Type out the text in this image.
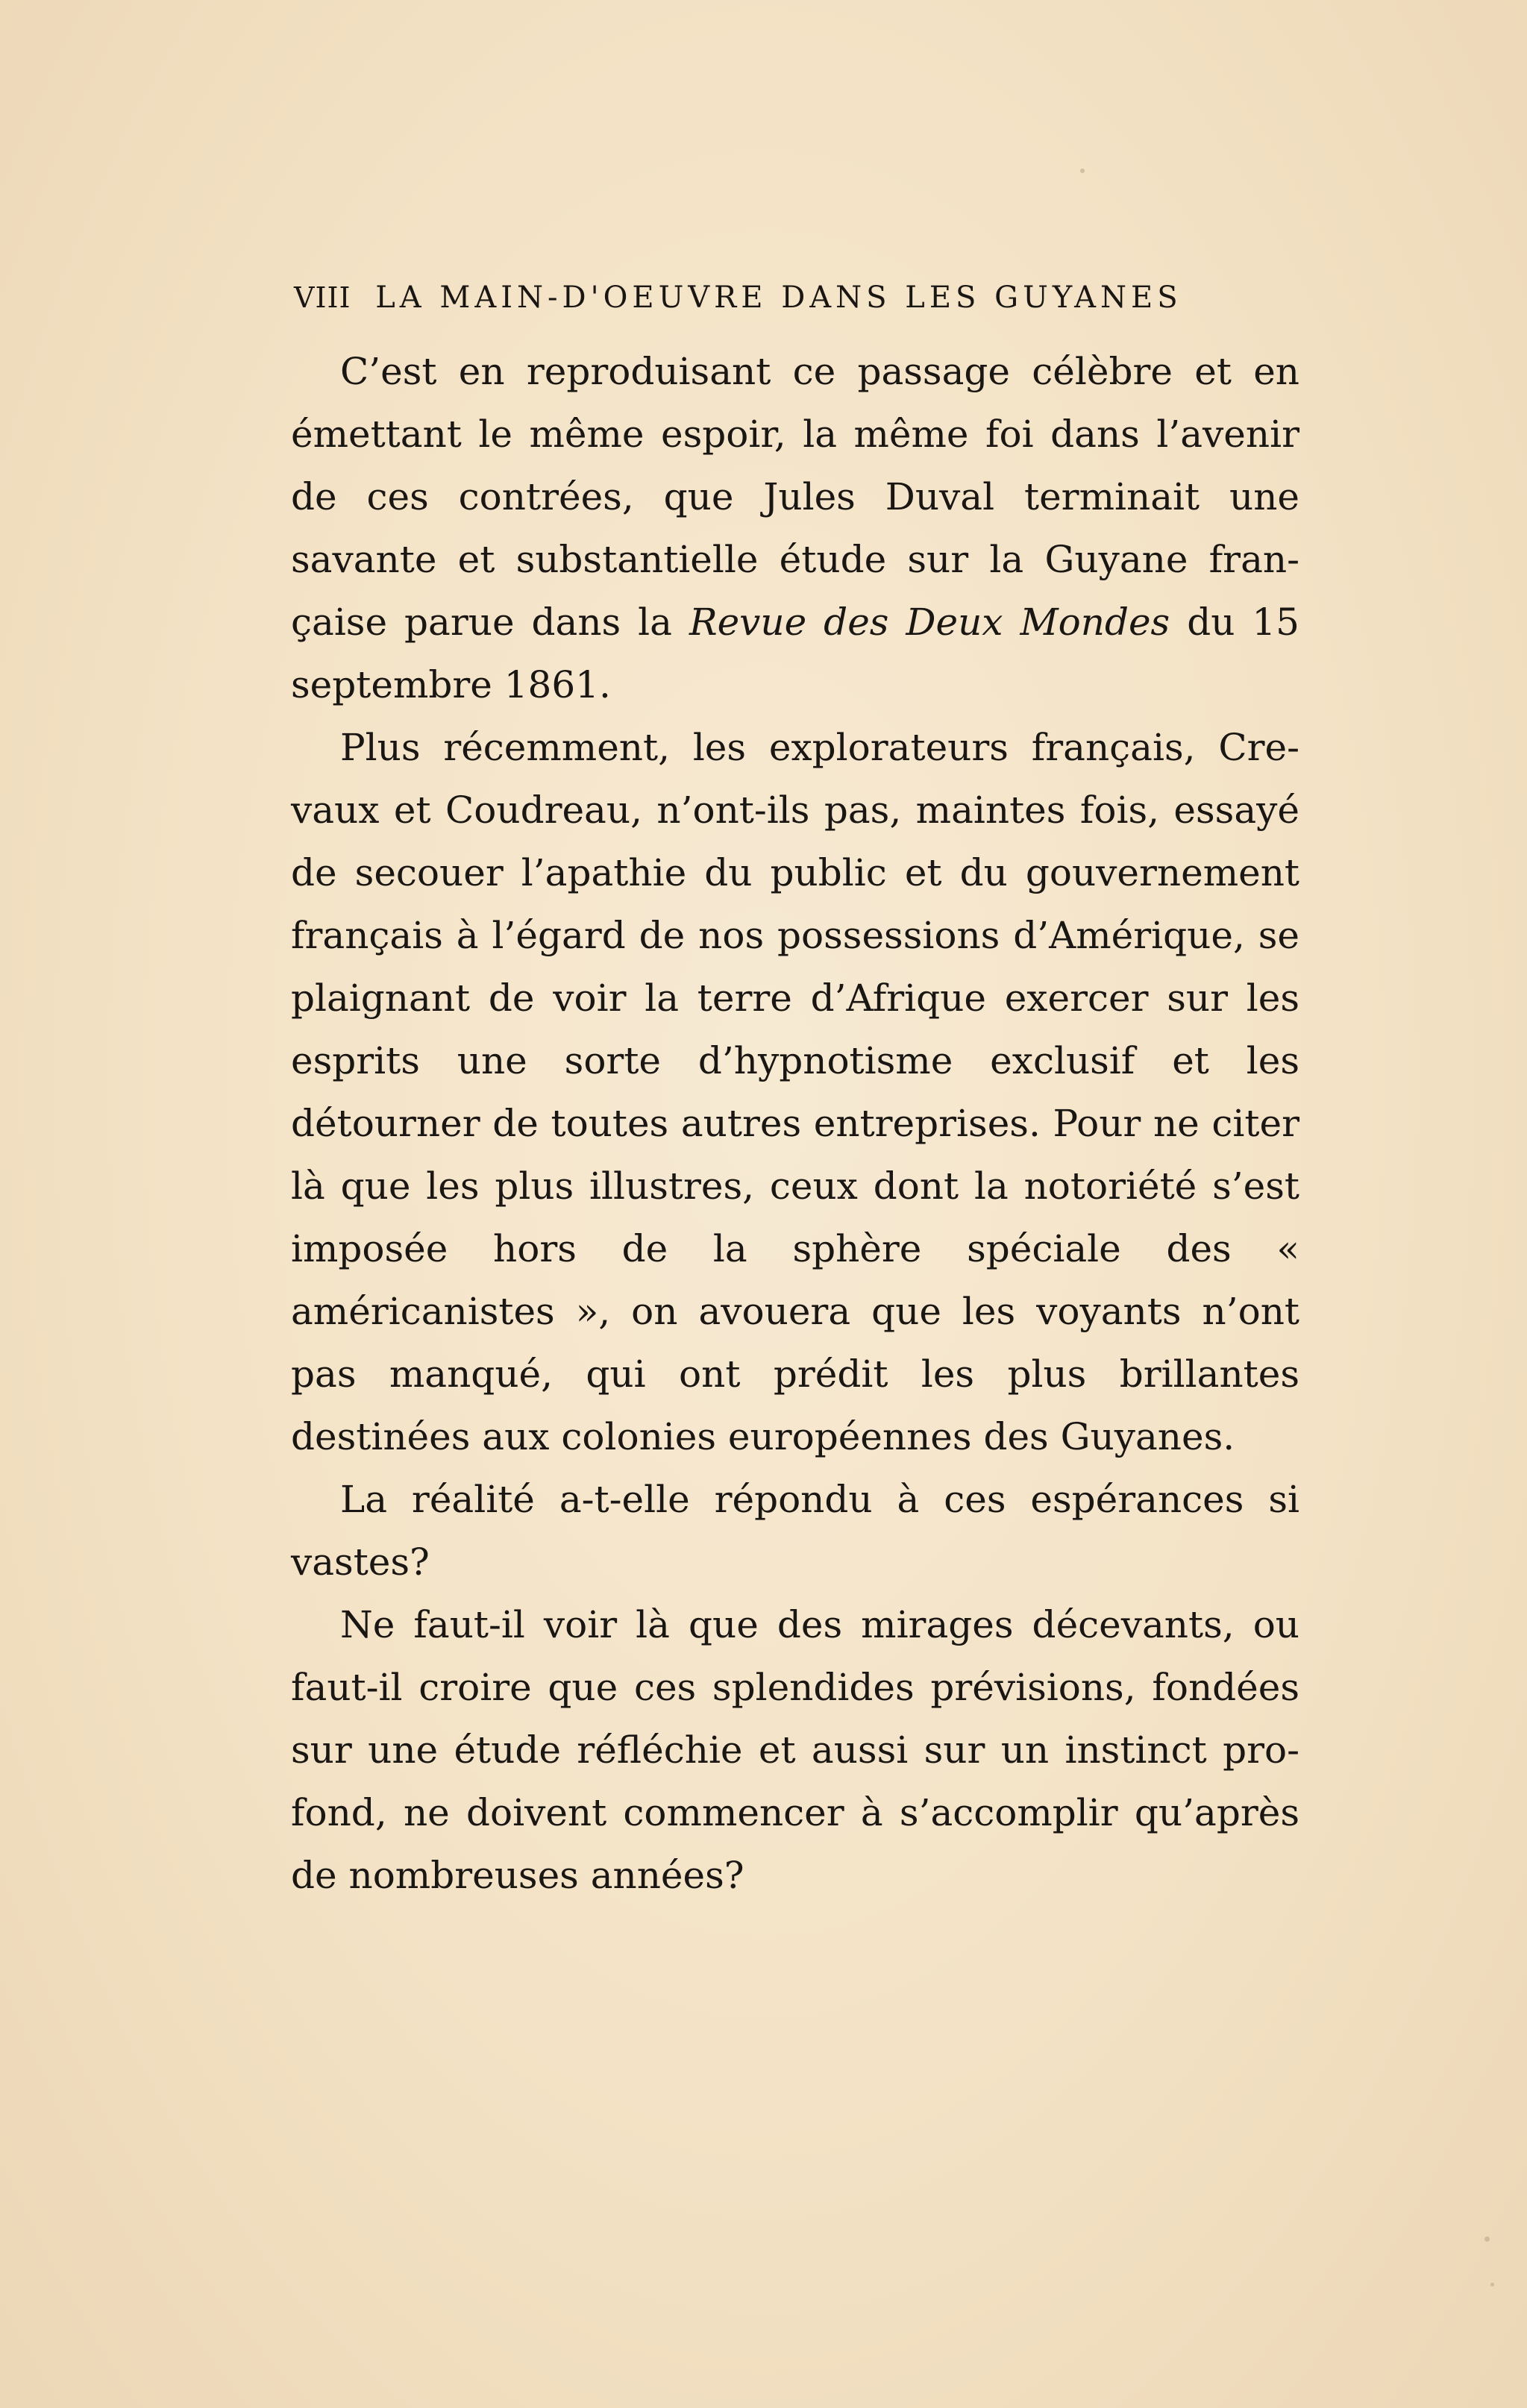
VIII LA MAIN-D'OEUVRE DANS LES GUYANES

C’est en reproduisant ce passage célèbre et en émettant le même espoir, la même foi dans l’avenir de ces contrées, que Jules Duval terminait une savante et substantielle étude sur la Guyane française parue dans la Revue des Deux Mondes du 15 septembre 1861.

Plus récemment, les explorateurs français, Crevaux et Coudreau, n’ont-ils pas, maintes fois, essayé de secouer l’apathie du public et du gouvernement français à l’égard de nos possessions d’Amérique, se plaignant de voir la terre d’Afrique exercer sur les esprits une sorte d’hypnotisme exclusif et les détourner de toutes autres entreprises. Pour ne citer là que les plus illustres, ceux dont la notoriété s’est imposée hors de la sphère spéciale des « américanistes », on avouera que les voyants n’ont pas manqué, qui ont prédit les plus brillantes destinées aux colonies européennes des Guyanes.

La réalité a-t-elle répondu à ces espérances si vastes?

Ne faut-il voir là que des mirages décevants, ou faut-il croire que ces splendides prévisions, fondées sur une étude réfléchie et aussi sur un instinct profond, ne doivent commencer à s’accomplir qu’après de nombreuses années?
